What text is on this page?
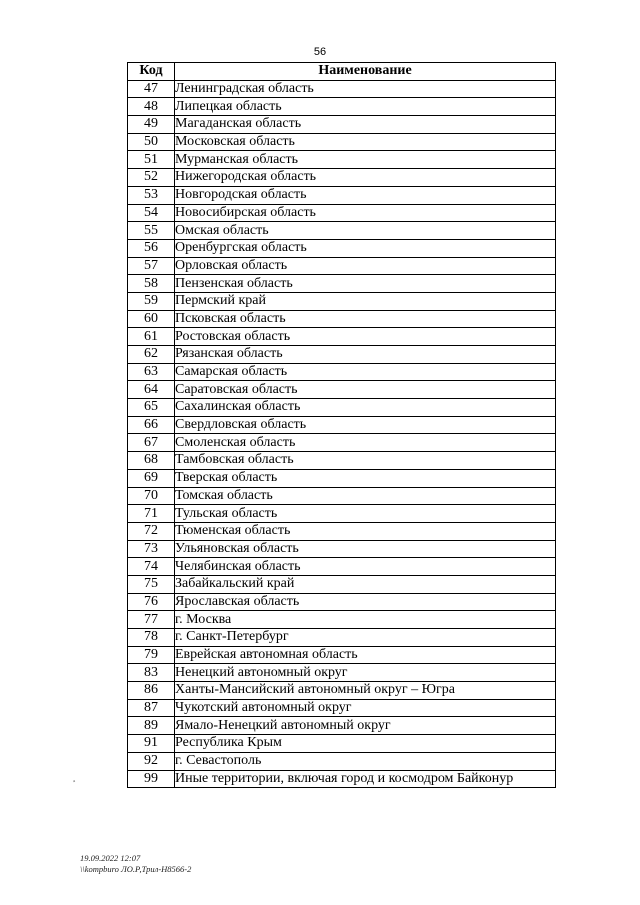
56
Код	Наименование
47	Ленинградская область
48	Липецкая область
49	Магаданская область
50	Московская область
51	Мурманская область
52	Нижегородская область
53	Новгородская область
54	Новосибирская область
55	Омская область
56	Оренбургская область
57	Орловская область
58	Пензенская область
59	Пермский край
60	Псковская область
61	Ростовская область
62	Рязанская область
63	Самарская область
64	Саратовская область
65	Сахалинская область
66	Свердловская область
67	Смоленская область
68	Тамбовская область
69	Тверская область
70	Томская область
71	Тульская область
72	Тюменская область
73	Ульяновская область
74	Челябинская область
75	Забайкальский край
76	Ярославская область
77	г. Москва
78	г. Санкт-Петербург
79	Еврейская автономная область
83	Ненецкий автономный округ
86	Ханты-Мансийский автономный округ – Югра
87	Чукотский автономный округ
89	Ямало-Ненецкий автономный округ
91	Республика Крым
92	г. Севастополь
99	Иные территории, включая город и космодром Байконур
ٴ
19.09.2022 12:07
\\kompburo ЛО.Р,Трил-Н8566-2
